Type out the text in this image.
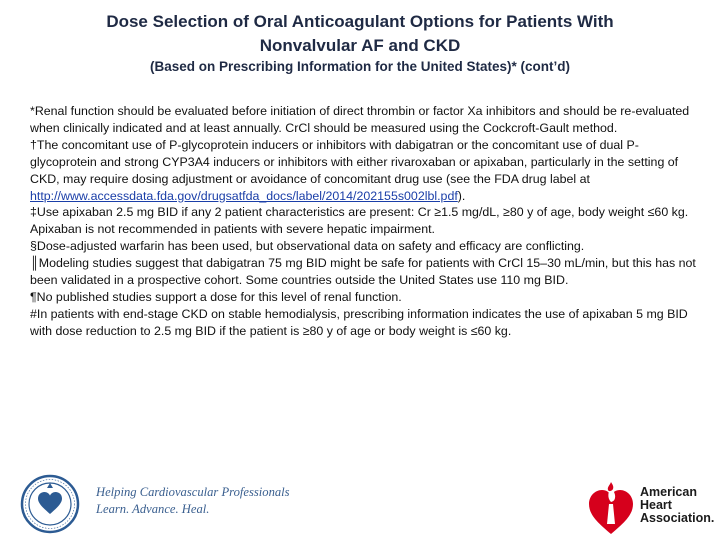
Dose Selection of Oral Anticoagulant Options for Patients With
Nonvalvular AF and CKD
(Based on Prescribing Information for the United States)* (cont’d)

*Renal function should be evaluated before initiation of direct thrombin or factor Xa inhibitors and should be re-evaluated when clinically indicated and at least annually. CrCl should be measured using the Cockcroft-Gault method.

†The concomitant use of P-glycoprotein inducers or inhibitors with dabigatran or the concomitant use of dual P-glycoprotein and strong CYP3A4 inducers or inhibitors with either rivaroxaban or apixaban, particularly in the setting of CKD, may require dosing adjustment or avoidance of concomitant drug use (see the FDA drug label at http://www.accessdata.fda.gov/drugsatfda_docs/label/2014/202155s002lbl.pdf).

‡Use apixaban 2.5 mg BID if any 2 patient characteristics are present: Cr ≥1.5 mg/dL, ≥80 y of age, body weight ≤60 kg. Apixaban is not recommended in patients with severe hepatic impairment.

§Dose-adjusted warfarin has been used, but observational data on safety and efficacy are conflicting.

║Modeling studies suggest that dabigatran 75 mg BID might be safe for patients with CrCl 15–30 mL/min, but this has not been validated in a prospective cohort. Some countries outside the United States use 110 mg BID.

¶No published studies support a dose for this level of renal function.

#In patients with end-stage CKD on stable hemodialysis, prescribing information indicates the use of apixaban 5 mg BID with dose reduction to 2.5 mg BID if the patient is ≥80 y of age or body weight is ≤60 kg.

Helping Cardiovascular Professionals
Learn. Advance. Heal.
American
Heart
Association.
